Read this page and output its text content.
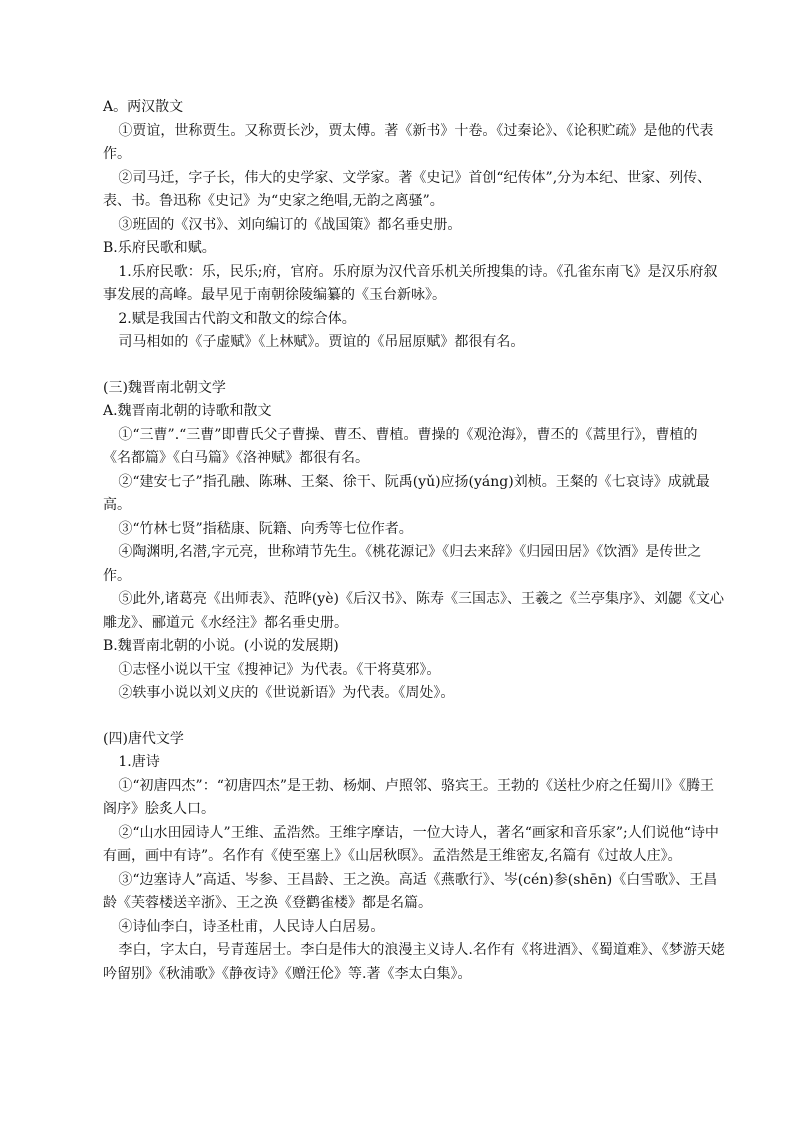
A。两汉散文

①贾谊，世称贾生。又称贾长沙，贾太傅。著《新书》十卷。《过秦论》、《论积贮疏》是他的代表作。

②司马迁，字子长，伟大的史学家、文学家。著《史记》首创“纪传体”,分为本纪、世家、列传、表、书。鲁迅称《史记》为“史家之绝唱,无韵之离骚”。

③班固的《汉书》、刘向编订的《战国策》都名垂史册。

B.乐府民歌和赋。

1.乐府民歌：乐，民乐;府，官府。乐府原为汉代音乐机关所搜集的诗。《孔雀东南飞》是汉乐府叙事发展的高峰。最早见于南朝徐陵编纂的《玉台新咏》。

2.赋是我国古代韵文和散文的综合体。

司马相如的《子虚赋》《上林赋》。贾谊的《吊屈原赋》都很有名。

(三)魏晋南北朝文学

A.魏晋南北朝的诗歌和散文

①“三曹”.“三曹”即曹氏父子曹操、曹丕、曹植。曹操的《观沧海》，曹丕的《蒿里行》，曹植的《名都篇》《白马篇》《洛神赋》都很有名。

②“建安七子”指孔融、陈琳、王粲、徐干、阮禹(yǔ)应扬(yáng)刘桢。王粲的《七哀诗》成就最高。

③“竹林七贤”指嵇康、阮籍、向秀等七位作者。

④陶渊明,名潜,字元亮，世称靖节先生。《桃花源记》《归去来辞》《归园田居》《饮酒》是传世之作。

⑤此外,诸葛亮《出师表》、范晔(yè)《后汉书》、陈寿《三国志》、王羲之《兰亭集序》、刘勰《文心雕龙》、郦道元《水经注》都名垂史册。

B.魏晋南北朝的小说。(小说的发展期)

①志怪小说以干宝《搜神记》为代表。《干将莫邪》。

②轶事小说以刘义庆的《世说新语》为代表。《周处》。

(四)唐代文学

1.唐诗

①“初唐四杰”：“初唐四杰”是王勃、杨炯、卢照邻、骆宾王。王勃的《送杜少府之任蜀川》《腾王阁序》脍炙人口。

②“山水田园诗人”王维、孟浩然。王维字摩诘，一位大诗人，著名“画家和音乐家”;人们说他“诗中有画，画中有诗”。名作有《使至塞上》《山居秋暝》。孟浩然是王维密友,名篇有《过故人庄》。

③“边塞诗人”高适、岑参、王昌龄、王之涣。高适《燕歌行》、岑(cén)参(shēn)《白雪歌》、王昌龄《芙蓉楼送辛浙》、王之涣《登鹳雀楼》都是名篇。

④诗仙李白，诗圣杜甫，人民诗人白居易。

李白，字太白，号青莲居士。李白是伟大的浪漫主义诗人.名作有《将进酒》、《蜀道难》、《梦游天姥吟留别》《秋浦歌》《静夜诗》《赠汪伦》等.著《李太白集》。
